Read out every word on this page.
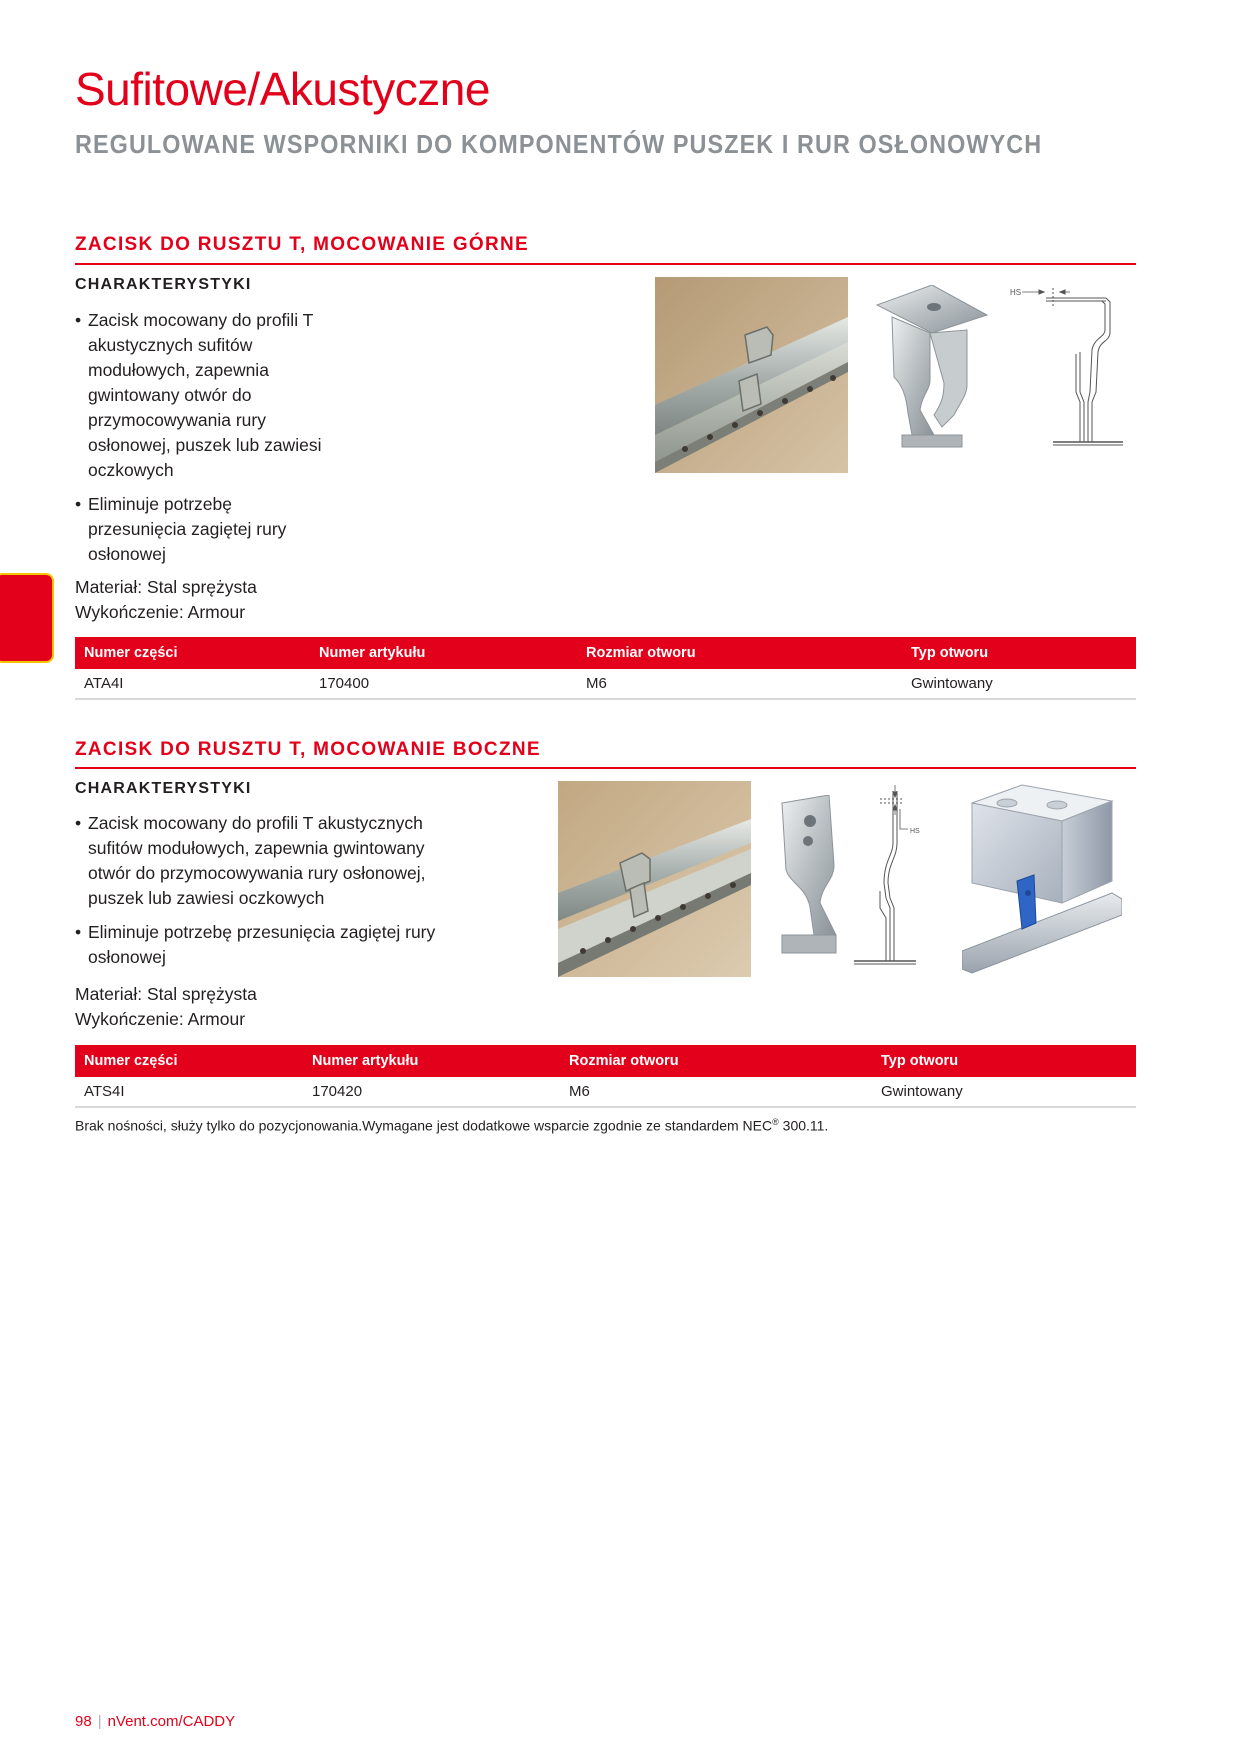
Sufitowe/Akustyczne
REGULOWANE WSPORNIKI DO KOMPONENTÓW PUSZEK I RUR OSŁONOWYCH
ZACISK DO RUSZTU T, MOCOWANIE GÓRNE
CHARAKTERYSTYKI
• Zacisk mocowany do profili T akustycznych sufitów modułowych, zapewnia gwintowany otwór do przymocowywania rury osłonowej, puszek lub zawiesi oczkowych
• Eliminuje potrzebę przesunięcia zagiętej rury osłonowej
HS
Materiał: Stal sprężysta
Wykończenie: Armour
Numer części	Numer artykułu	Rozmiar otworu	Typ otworu
ATA4I	170400	M6	Gwintowany
ZACISK DO RUSZTU T, MOCOWANIE BOCZNE
CHARAKTERYSTYKI
• Zacisk mocowany do profili T akustycznych sufitów modułowych, zapewnia gwintowany otwór do przymocowywania rury osłonowej, puszek lub zawiesi oczkowych
• Eliminuje potrzebę przesunięcia zagiętej rury osłonowej
HS
Materiał: Stal sprężysta
Wykończenie: Armour
Numer części	Numer artykułu	Rozmiar otworu	Typ otworu
ATS4I	170420	M6	Gwintowany
Brak nośności, służy tylko do pozycjonowania.Wymagane jest dodatkowe wsparcie zgodnie ze standardem NEC® 300.11.
98 | nVent.com/CADDY
